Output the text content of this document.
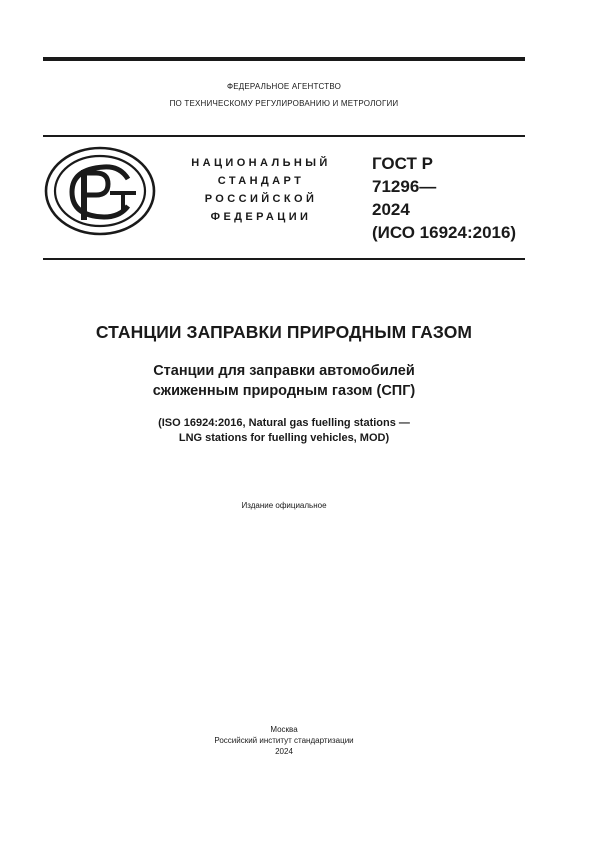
ФЕДЕРАЛЬНОЕ АГЕНТСТВО
ПО ТЕХНИЧЕСКОМУ РЕГУЛИРОВАНИЮ И МЕТРОЛОГИИ
НАЦИОНАЛЬНЫЙ
СТАНДАРТ
РОССИЙСКОЙ
ФЕДЕРАЦИИ
ГОСТ Р
71296—
2024
(ИСО 16924:2016)
СТАНЦИИ ЗАПРАВКИ ПРИРОДНЫМ ГАЗОМ
Станции для заправки автомобилей
сжиженным природным газом (СПГ)
(ISO 16924:2016, Natural gas fuelling stations —
LNG stations for fuelling vehicles, MOD)
Издание официальное
Москва
Российский институт стандартизации
2024
